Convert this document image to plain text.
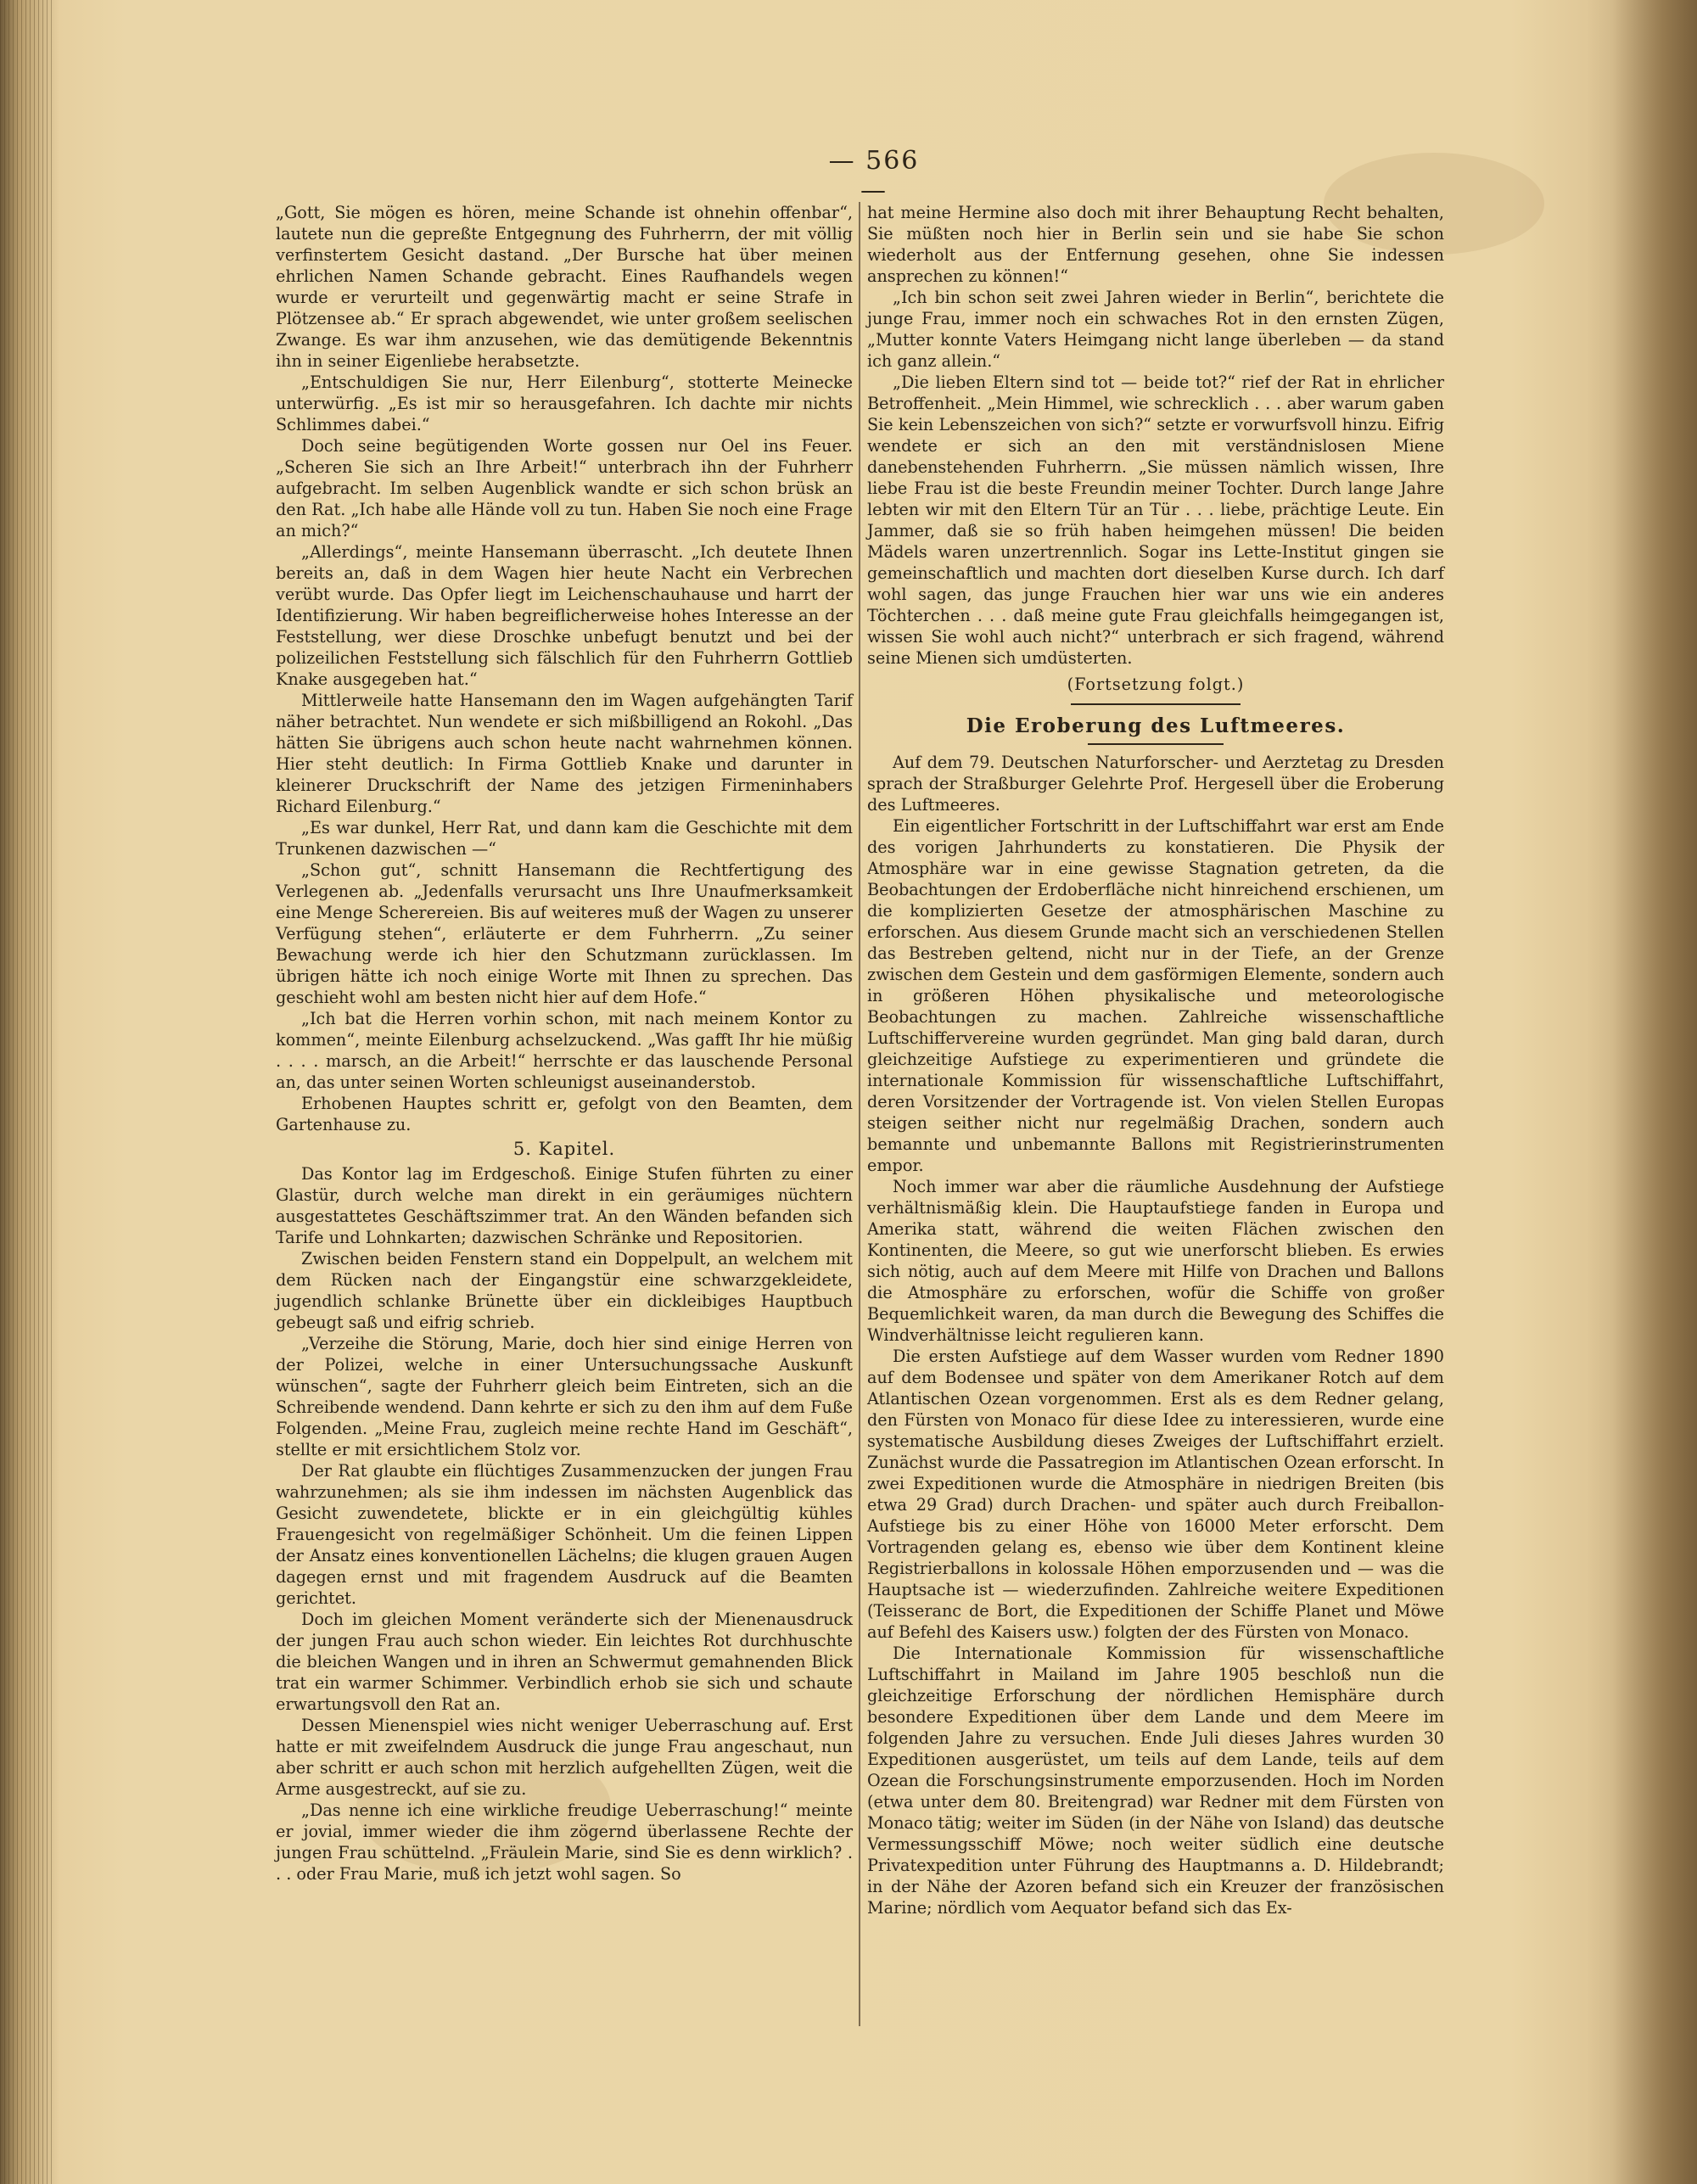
— 566 —

„Gott, Sie mögen es hören, meine Schande ist ohnehin offenbar“, lautete nun die gepreßte Entgegnung des Fuhrherrn, der mit völlig verfinstertem Gesicht dastand. „Der Bursche hat über meinen ehrlichen Namen Schande gebracht. Eines Raufhandels wegen wurde er verurteilt und gegenwärtig macht er seine Strafe in Plötzensee ab.“ Er sprach abgewendet, wie unter großem seelischen Zwange. Es war ihm anzusehen, wie das demütigende Bekenntnis ihn in seiner Eigenliebe herabsetzte.

„Entschuldigen Sie nur, Herr Eilenburg“, stotterte Meinecke unterwürfig. „Es ist mir so herausgefahren. Ich dachte mir nichts Schlimmes dabei.“

Doch seine begütigenden Worte gossen nur Oel ins Feuer. „Scheren Sie sich an Ihre Arbeit!“ unterbrach ihn der Fuhrherr aufgebracht. Im selben Augenblick wandte er sich schon brüsk an den Rat. „Ich habe alle Hände voll zu tun. Haben Sie noch eine Frage an mich?“

„Allerdings“, meinte Hansemann überrascht. „Ich deutete Ihnen bereits an, daß in dem Wagen hier heute Nacht ein Verbrechen verübt wurde. Das Opfer liegt im Leichenschauhause und harrt der Identifizierung. Wir haben begreiflicherweise hohes Interesse an der Feststellung, wer diese Droschke unbefugt benutzt und bei der polizeilichen Feststellung sich fälschlich für den Fuhrherrn Gottlieb Knake ausgegeben hat.“

Mittlerweile hatte Hansemann den im Wagen aufgehängten Tarif näher betrachtet. Nun wendete er sich mißbilligend an Rokohl. „Das hätten Sie übrigens auch schon heute nacht wahrnehmen können. Hier steht deutlich: In Firma Gottlieb Knake und darunter in kleinerer Druckschrift der Name des jetzigen Firmeninhabers Richard Eilenburg.“

„Es war dunkel, Herr Rat, und dann kam die Geschichte mit dem Trunkenen dazwischen —“

„Schon gut“, schnitt Hansemann die Rechtfertigung des Verlegenen ab. „Jedenfalls verursacht uns Ihre Unaufmerksamkeit eine Menge Scherereien. Bis auf weiteres muß der Wagen zu unserer Verfügung stehen“, erläuterte er dem Fuhrherrn. „Zu seiner Bewachung werde ich hier den Schutzmann zurücklassen. Im übrigen hätte ich noch einige Worte mit Ihnen zu sprechen. Das geschieht wohl am besten nicht hier auf dem Hofe.“

„Ich bat die Herren vorhin schon, mit nach meinem Kontor zu kommen“, meinte Eilenburg achselzuckend. „Was gafft Ihr hie müßig . . . . marsch, an die Arbeit!“ herrschte er das lauschende Personal an, das unter seinen Worten schleunigst auseinanderstob.

Erhobenen Hauptes schritt er, gefolgt von den Beamten, dem Gartenhause zu.

5. Kapitel.

Das Kontor lag im Erdgeschoß. Einige Stufen führten zu einer Glastür, durch welche man direkt in ein geräumiges nüchtern ausgestattetes Geschäftszimmer trat. An den Wänden befanden sich Tarife und Lohnkarten; dazwischen Schränke und Repositorien.

Zwischen beiden Fenstern stand ein Doppelpult, an welchem mit dem Rücken nach der Eingangstür eine schwarzgekleidete, jugendlich schlanke Brünette über ein dickleibiges Hauptbuch gebeugt saß und eifrig schrieb.

„Verzeihe die Störung, Marie, doch hier sind einige Herren von der Polizei, welche in einer Untersuchungssache Auskunft wünschen“, sagte der Fuhrherr gleich beim Eintreten, sich an die Schreibende wendend. Dann kehrte er sich zu den ihm auf dem Fuße Folgenden. „Meine Frau, zugleich meine rechte Hand im Geschäft“, stellte er mit ersichtlichem Stolz vor.

Der Rat glaubte ein flüchtiges Zusammenzucken der jungen Frau wahrzunehmen; als sie ihm indessen im nächsten Augenblick das Gesicht zuwendetete, blickte er in ein gleichgültig kühles Frauengesicht von regelmäßiger Schönheit. Um die feinen Lippen der Ansatz eines konventionellen Lächelns; die klugen grauen Augen dagegen ernst und mit fragendem Ausdruck auf die Beamten gerichtet.

Doch im gleichen Moment veränderte sich der Mienenausdruck der jungen Frau auch schon wieder. Ein leichtes Rot durchhuschte die bleichen Wangen und in ihren an Schwermut gemahnenden Blick trat ein warmer Schimmer. Verbindlich erhob sie sich und schaute erwartungsvoll den Rat an.

Dessen Mienenspiel wies nicht weniger Ueberraschung auf. Erst hatte er mit zweifelndem Ausdruck die junge Frau angeschaut, nun aber schritt er auch schon mit herzlich aufgehellten Zügen, weit die Arme ausgestreckt, auf sie zu.

„Das nenne ich eine wirkliche freudige Ueberraschung!“ meinte er jovial, immer wieder die ihm zögernd überlassene Rechte der jungen Frau schüttelnd. „Fräulein Marie, sind Sie es denn wirklich? . . . oder Frau Marie, muß ich jetzt wohl sagen. So

hat meine Hermine also doch mit ihrer Behauptung Recht behalten, Sie müßten noch hier in Berlin sein und sie habe Sie schon wiederholt aus der Entfernung gesehen, ohne Sie indessen ansprechen zu können!“

„Ich bin schon seit zwei Jahren wieder in Berlin“, berichtete die junge Frau, immer noch ein schwaches Rot in den ernsten Zügen, „Mutter konnte Vaters Heimgang nicht lange überleben — da stand ich ganz allein.“

„Die lieben Eltern sind tot — beide tot?“ rief der Rat in ehrlicher Betroffenheit. „Mein Himmel, wie schrecklich . . . aber warum gaben Sie kein Lebenszeichen von sich?“ setzte er vorwurfsvoll hinzu. Eifrig wendete er sich an den mit verständnislosen Miene danebenstehenden Fuhrherrn. „Sie müssen nämlich wissen, Ihre liebe Frau ist die beste Freundin meiner Tochter. Durch lange Jahre lebten wir mit den Eltern Tür an Tür . . . liebe, prächtige Leute. Ein Jammer, daß sie so früh haben heimgehen müssen! Die beiden Mädels waren unzertrennlich. Sogar ins Lette-Institut gingen sie gemeinschaftlich und machten dort dieselben Kurse durch. Ich darf wohl sagen, das junge Frauchen hier war uns wie ein anderes Töchterchen . . . daß meine gute Frau gleichfalls heimgegangen ist, wissen Sie wohl auch nicht?“ unterbrach er sich fragend, während seine Mienen sich umdüsterten.

(Fortsetzung folgt.)
Die Eroberung des Luftmeeres.

Auf dem 79. Deutschen Naturforscher- und Aerztetag zu Dresden sprach der Straßburger Gelehrte Prof. Hergesell über die Eroberung des Luftmeeres.

Ein eigentlicher Fortschritt in der Luftschiffahrt war erst am Ende des vorigen Jahrhunderts zu konstatieren. Die Physik der Atmosphäre war in eine gewisse Stagnation getreten, da die Beobachtungen der Erdoberfläche nicht hinreichend erschienen, um die komplizierten Gesetze der atmosphärischen Maschine zu erforschen. Aus diesem Grunde macht sich an verschiedenen Stellen das Bestreben geltend, nicht nur in der Tiefe, an der Grenze zwischen dem Gestein und dem gasförmigen Elemente, sondern auch in größeren Höhen physikalische und meteorologische Beobachtungen zu machen. Zahlreiche wissenschaftliche Luftschiffervereine wurden gegründet. Man ging bald daran, durch gleichzeitige Aufstiege zu experimentieren und gründete die internationale Kommission für wissenschaftliche Luftschiffahrt, deren Vorsitzender der Vortragende ist. Von vielen Stellen Europas steigen seither nicht nur regelmäßig Drachen, sondern auch bemannte und unbemannte Ballons mit Registrierinstrumenten empor.

Noch immer war aber die räumliche Ausdehnung der Aufstiege verhältnismäßig klein. Die Hauptaufstiege fanden in Europa und Amerika statt, während die weiten Flächen zwischen den Kontinenten, die Meere, so gut wie unerforscht blieben. Es erwies sich nötig, auch auf dem Meere mit Hilfe von Drachen und Ballons die Atmosphäre zu erforschen, wofür die Schiffe von großer Bequemlichkeit waren, da man durch die Bewegung des Schiffes die Windverhältnisse leicht regulieren kann.

Die ersten Aufstiege auf dem Wasser wurden vom Redner 1890 auf dem Bodensee und später von dem Amerikaner Rotch auf dem Atlantischen Ozean vorgenommen. Erst als es dem Redner gelang, den Fürsten von Monaco für diese Idee zu interessieren, wurde eine systematische Ausbildung dieses Zweiges der Luftschiffahrt erzielt. Zunächst wurde die Passatregion im Atlantischen Ozean erforscht. In zwei Expeditionen wurde die Atmosphäre in niedrigen Breiten (bis etwa 29 Grad) durch Drachen- und später auch durch Freiballon-Aufstiege bis zu einer Höhe von 16000 Meter erforscht. Dem Vortragenden gelang es, ebenso wie über dem Kontinent kleine Registrierballons in kolossale Höhen emporzusenden und — was die Hauptsache ist — wiederzufinden. Zahlreiche weitere Expeditionen (Teisseranc de Bort, die Expeditionen der Schiffe Planet und Möwe auf Befehl des Kaisers usw.) folgten der des Fürsten von Monaco.

Die Internationale Kommission für wissenschaftliche Luftschiffahrt in Mailand im Jahre 1905 beschloß nun die gleichzeitige Erforschung der nördlichen Hemisphäre durch besondere Expeditionen über dem Lande und dem Meere im folgenden Jahre zu versuchen. Ende Juli dieses Jahres wurden 30 Expeditionen ausgerüstet, um teils auf dem Lande, teils auf dem Ozean die Forschungsinstrumente emporzusenden. Hoch im Norden (etwa unter dem 80. Breitengrad) war Redner mit dem Fürsten von Monaco tätig; weiter im Süden (in der Nähe von Island) das deutsche Vermessungsschiff Möwe; noch weiter südlich eine deutsche Privatexpedition unter Führung des Hauptmanns a. D. Hildebrandt; in der Nähe der Azoren befand sich ein Kreuzer der französischen Marine; nördlich vom Aequator befand sich das Ex-
